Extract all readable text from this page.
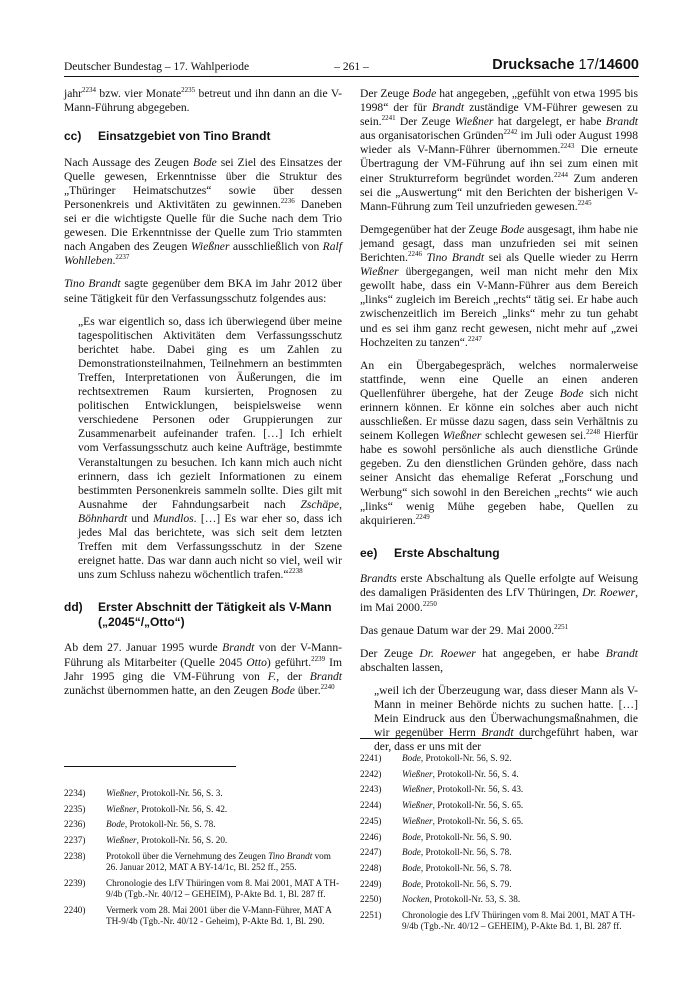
Deutscher Bundestag – 17. Wahlperiode	– 261 –	Drucksache 17/14600

jahr$^{2234}$ bzw. vier Monate$^{2235}$ betreut und ihn dann an die V-Mann-Führung abgegeben.

cc)	Einsatzgebiet von Tino Brandt

Nach Aussage des Zeugen Bode sei Ziel des Einsatzes der Quelle gewesen, Erkenntnisse über die Struktur des „Thüringer Heimatschutzes“ sowie über dessen Personenkreis und Aktivitäten zu gewinnen.$^{2236}$ Daneben sei er die wichtigste Quelle für die Suche nach dem Trio gewesen. Die Erkenntnisse der Quelle zum Trio stammten nach Angaben des Zeugen Wießner ausschließlich von Ralf Wohlleben.$^{2237}$

Tino Brandt sagte gegenüber dem BKA im Jahr 2012 über seine Tätigkeit für den Verfassungsschutz folgendes aus:

„Es war eigentlich so, dass ich überwiegend über meine tagespolitischen Aktivitäten dem Verfassungsschutz berichtet habe. Dabei ging es um Zahlen zu Demonstrationsteilnahmen, Teilnehmern an bestimmten Treffen, Interpretationen von Äußerungen, die im rechtsextremen Raum kursierten, Prognosen zu politischen Entwicklungen, beispielsweise wenn verschiedene Personen oder Gruppierungen zur Zusammenarbeit aufeinander trafen. […] Ich erhielt vom Verfassungsschutz auch keine Aufträge, bestimmte Veranstaltungen zu besuchen. Ich kann mich auch nicht erinnern, dass ich gezielt Informationen zu einem bestimmten Personenkreis sammeln sollte. Dies gilt mit Ausnahme der Fahndungsarbeit nach Zschäpe, Böhnhardt und Mundlos. […] Es war eher so, dass ich jedes Mal das berichtete, was sich seit dem letzten Treffen mit dem Verfassungsschutz in der Szene ereignet hatte. Das war dann auch nicht so viel, weil wir uns zum Schluss nahezu wöchentlich trafen.“$^{2238}$

dd)	Erster Abschnitt der Tätigkeit als V-Mann („2045“/„Otto“)

Ab dem 27. Januar 1995 wurde Brandt von der V-Mann-Führung als Mitarbeiter (Quelle 2045 Otto) geführt.$^{2239}$ Im Jahr 1995 ging die VM-Führung von F., der Brandt zunächst übernommen hatte, an den Zeugen Bode über.$^{2240}$

Der Zeuge Bode hat angegeben, „gefühlt von etwa 1995 bis 1998“ der für Brandt zuständige VM-Führer gewesen zu sein.$^{2241}$ Der Zeuge Wießner hat dargelegt, er habe Brandt aus organisatorischen Gründen$^{2242}$ im Juli oder August 1998 wieder als V-Mann-Führer übernommen.$^{2243}$ Die erneute Übertragung der VM-Führung auf ihn sei zum einen mit einer Strukturreform begründet worden.$^{2244}$ Zum anderen sei die „Auswertung“ mit den Berichten der bisherigen V-Mann-Führung zum Teil unzufrieden gewesen.$^{2245}$

Demgegenüber hat der Zeuge Bode ausgesagt, ihm habe nie jemand gesagt, dass man unzufrieden sei mit seinen Berichten.$^{2246}$ Tino Brandt sei als Quelle wieder zu Herrn Wießner übergegangen, weil man nicht mehr den Mix gewollt habe, dass ein V-Mann-Führer aus dem Bereich „links“ zugleich im Bereich „rechts“ tätig sei. Er habe auch zwischenzeitlich im Bereich „links“ mehr zu tun gehabt und es sei ihm ganz recht gewesen, nicht mehr auf „zwei Hochzeiten zu tanzen“.$^{2247}$

An ein Übergabegespräch, welches normalerweise stattfinde, wenn eine Quelle an einen anderen Quellenführer übergehe, hat der Zeuge Bode sich nicht erinnern können. Er könne ein solches aber auch nicht ausschließen. Er müsse dazu sagen, dass sein Verhältnis zu seinem Kollegen Wießner schlecht gewesen sei.$^{2248}$ Hierfür habe es sowohl persönliche als auch dienstliche Gründe gegeben. Zu den dienstlichen Gründen gehöre, dass nach seiner Ansicht das ehemalige Referat „Forschung und Werbung“ sich sowohl in den Bereichen „rechts“ wie auch „links“ wenig Mühe gegeben habe, Quellen zu akquirieren.$^{2249}$

ee)	Erste Abschaltung

Brandts erste Abschaltung als Quelle erfolgte auf Weisung des damaligen Präsidenten des LfV Thüringen, Dr. Roewer, im Mai 2000.$^{2250}$

Das genaue Datum war der 29. Mai 2000.$^{2251}$

Der Zeuge Dr. Roewer hat angegeben, er habe Brandt abschalten lassen,

„weil ich der Überzeugung war, dass dieser Mann als V-Mann in meiner Behörde nichts zu suchen hatte. […] Mein Eindruck aus den Überwachungsmaßnahmen, die wir gegenüber Herrn Brandt durchgeführt haben, war der, dass er uns mit der

2234)	Wießner, Protokoll-Nr. 56, S. 3.
2235)	Wießner, Protokoll-Nr. 56, S. 42.
2236)	Bode, Protokoll-Nr. 56, S. 78.
2237)	Wießner, Protokoll-Nr. 56, S. 20.
2238)	Protokoll über die Vernehmung des Zeugen Tino Brandt vom 26. Januar 2012, MAT A BY-14/1c, Bl. 252 ff., 255.
2239)	Chronologie des LfV Thüringen vom 8. Mai 2001, MAT A TH-9/4b (Tgb.-Nr. 40/12 – GEHEIM), P-Akte Bd. 1, Bl. 287 ff.
2240)	Vermerk vom 28. Mai 2001 über die V-Mann-Führer, MAT A TH-9/4b (Tgb.-Nr. 40/12 - Geheim), P-Akte Bd. 1, Bl. 290.
2241)	Bode, Protokoll-Nr. 56, S. 92.
2242)	Wießner, Protokoll-Nr. 56, S. 4.
2243)	Wießner, Protokoll-Nr. 56, S. 43.
2244)	Wießner, Protokoll-Nr. 56, S. 65.
2245)	Wießner, Protokoll-Nr. 56, S. 65.
2246)	Bode, Protokoll-Nr. 56, S. 90.
2247)	Bode, Protokoll-Nr. 56, S. 78.
2248)	Bode, Protokoll-Nr. 56, S. 78.
2249)	Bode, Protokoll-Nr. 56, S. 79.
2250)	Nocken, Protokoll-Nr. 53, S. 38.
2251)	Chronologie des LfV Thüringen vom 8. Mai 2001, MAT A TH-9/4b (Tgb.-Nr. 40/12 – GEHEIM), P-Akte Bd. 1, Bl. 287 ff.
